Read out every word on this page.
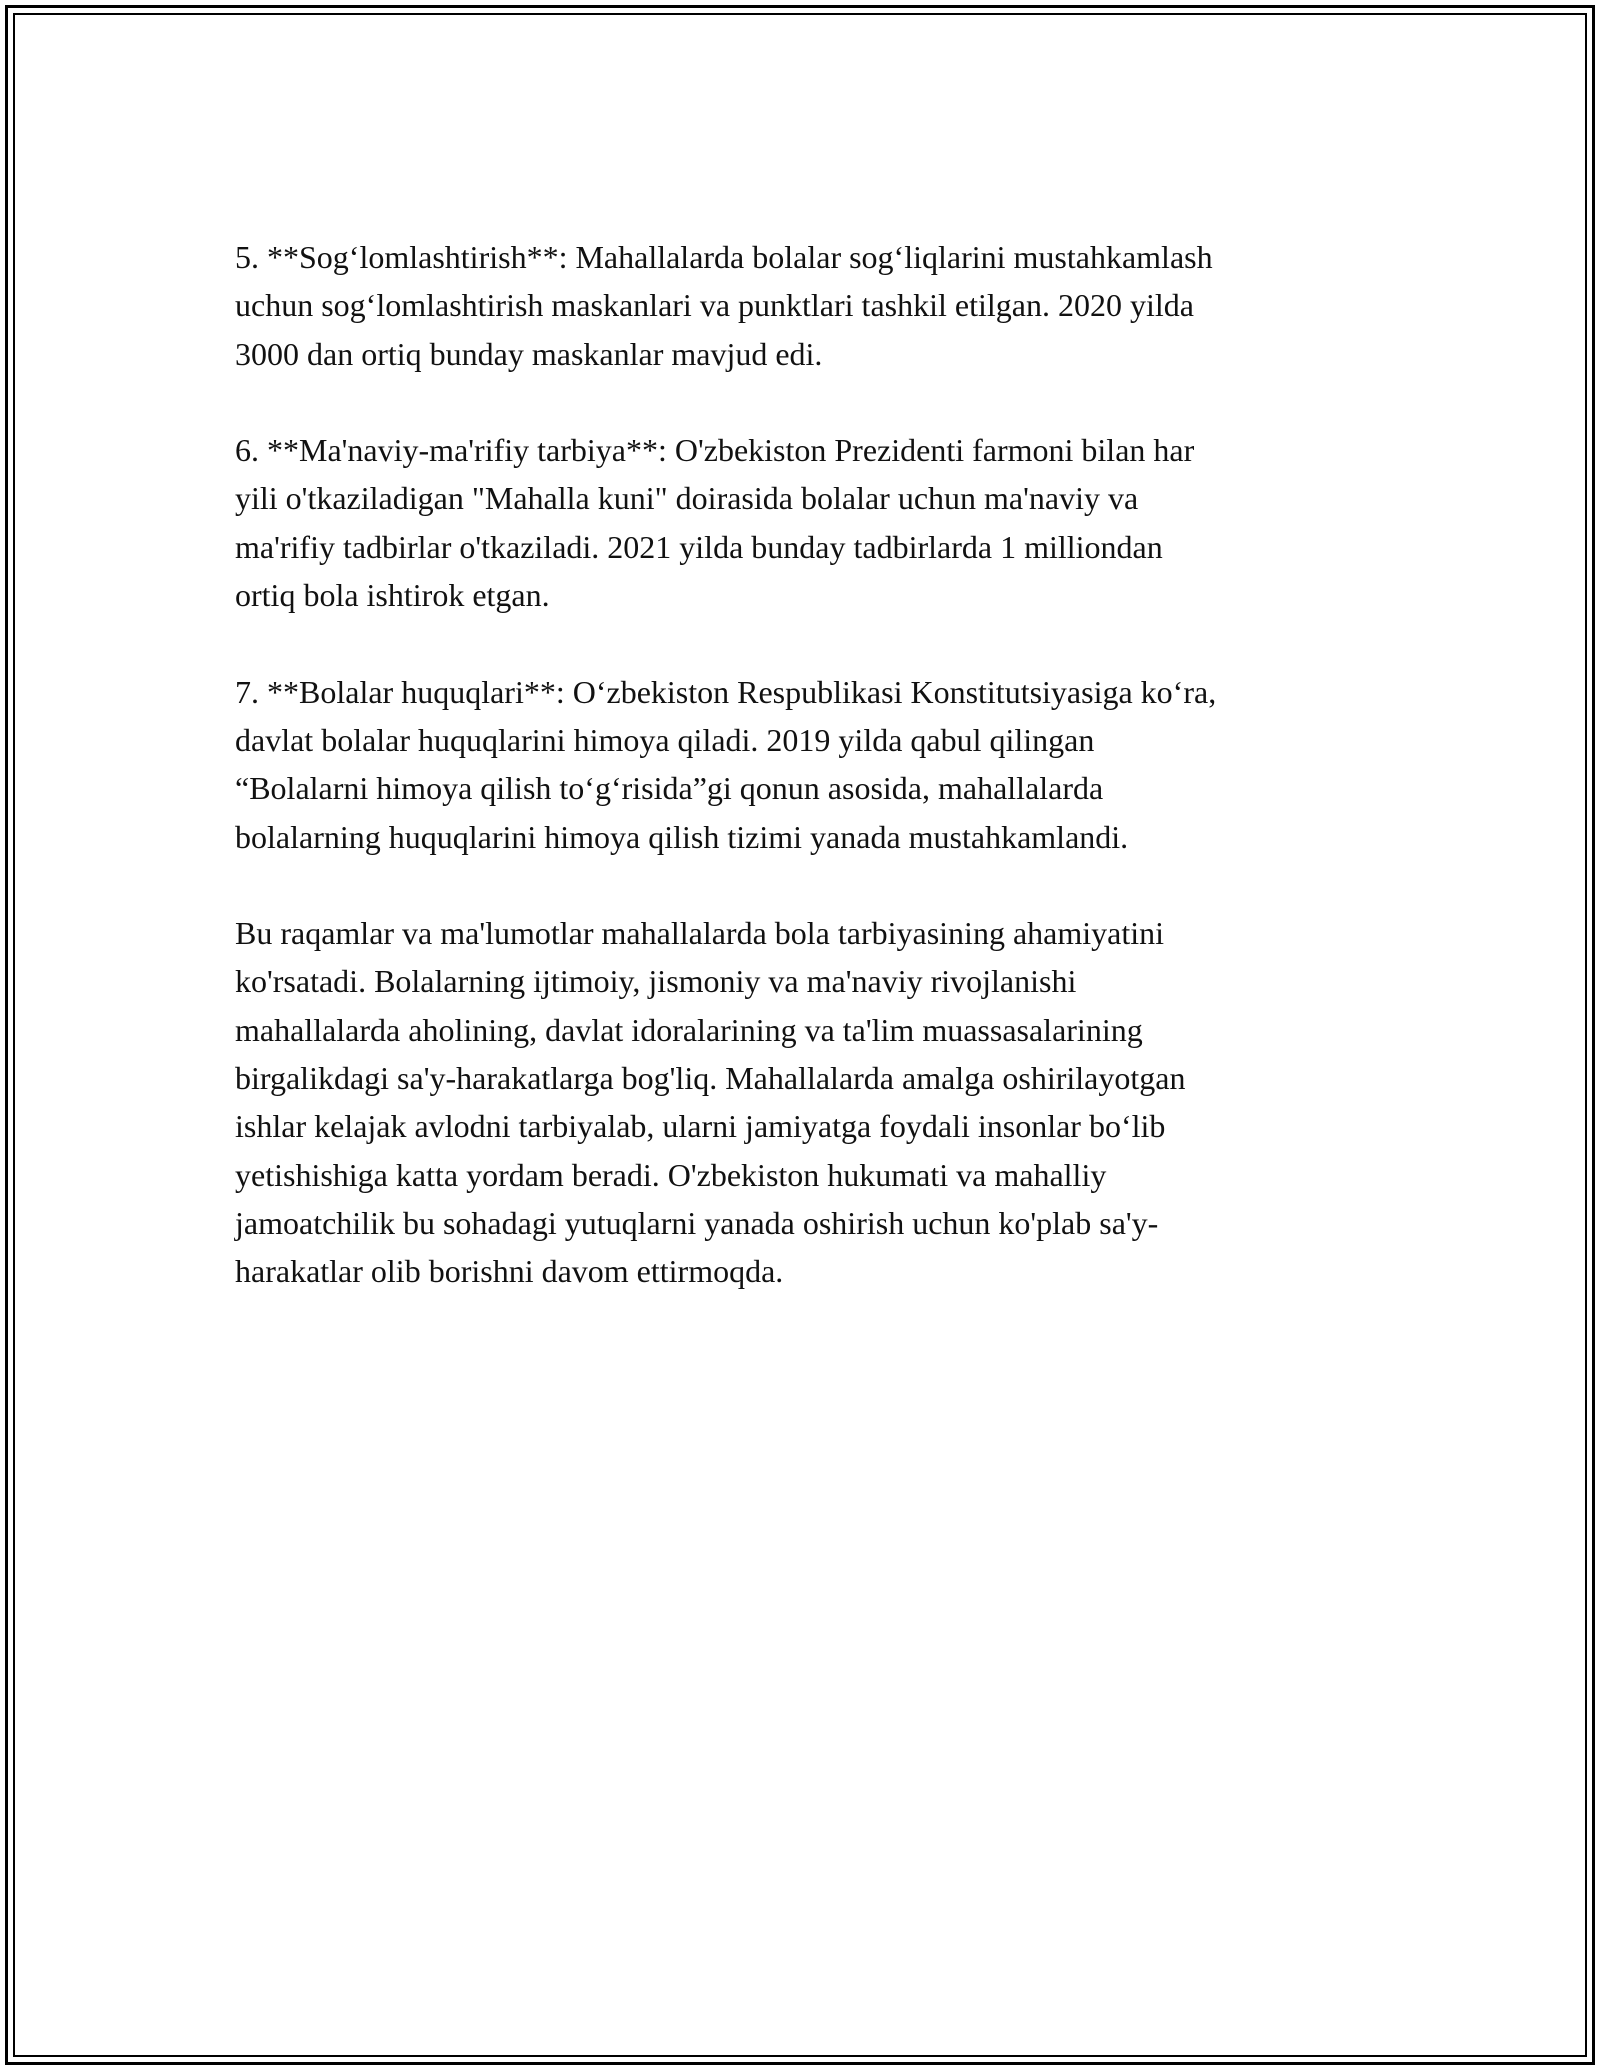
5. **Sog‘lomlashtirish**: Mahallalarda bolalar sog‘liqlarini mustahkamlash
uchun sog‘lomlashtirish maskanlari va punktlari tashkil etilgan. 2020 yilda
3000 dan ortiq bunday maskanlar mavjud edi.

6. **Ma'naviy-ma'rifiy tarbiya**: O'zbekiston Prezidenti farmoni bilan har
yili o'tkaziladigan "Mahalla kuni" doirasida bolalar uchun ma'naviy va
ma'rifiy tadbirlar o'tkaziladi. 2021 yilda bunday tadbirlarda 1 milliondan
ortiq bola ishtirok etgan.

7. **Bolalar huquqlari**: O‘zbekiston Respublikasi Konstitutsiyasiga ko‘ra,
davlat bolalar huquqlarini himoya qiladi. 2019 yilda qabul qilingan
“Bolalarni himoya qilish to‘g‘risida”gi qonun asosida, mahallalarda
bolalarning huquqlarini himoya qilish tizimi yanada mustahkamlandi.

Bu raqamlar va ma'lumotlar mahallalarda bola tarbiyasining ahamiyatini
ko'rsatadi. Bolalarning ijtimoiy, jismoniy va ma'naviy rivojlanishi
mahallalarda aholining, davlat idoralarining va ta'lim muassasalarining
birgalikdagi sa'y-harakatlarga bog'liq. Mahallalarda amalga oshirilayotgan
ishlar kelajak avlodni tarbiyalab, ularni jamiyatga foydali insonlar bo‘lib
yetishishiga katta yordam beradi. O'zbekiston hukumati va mahalliy
jamoatchilik bu sohadagi yutuqlarni yanada oshirish uchun ko'plab sa'y-
harakatlar olib borishni davom ettirmoqda.
